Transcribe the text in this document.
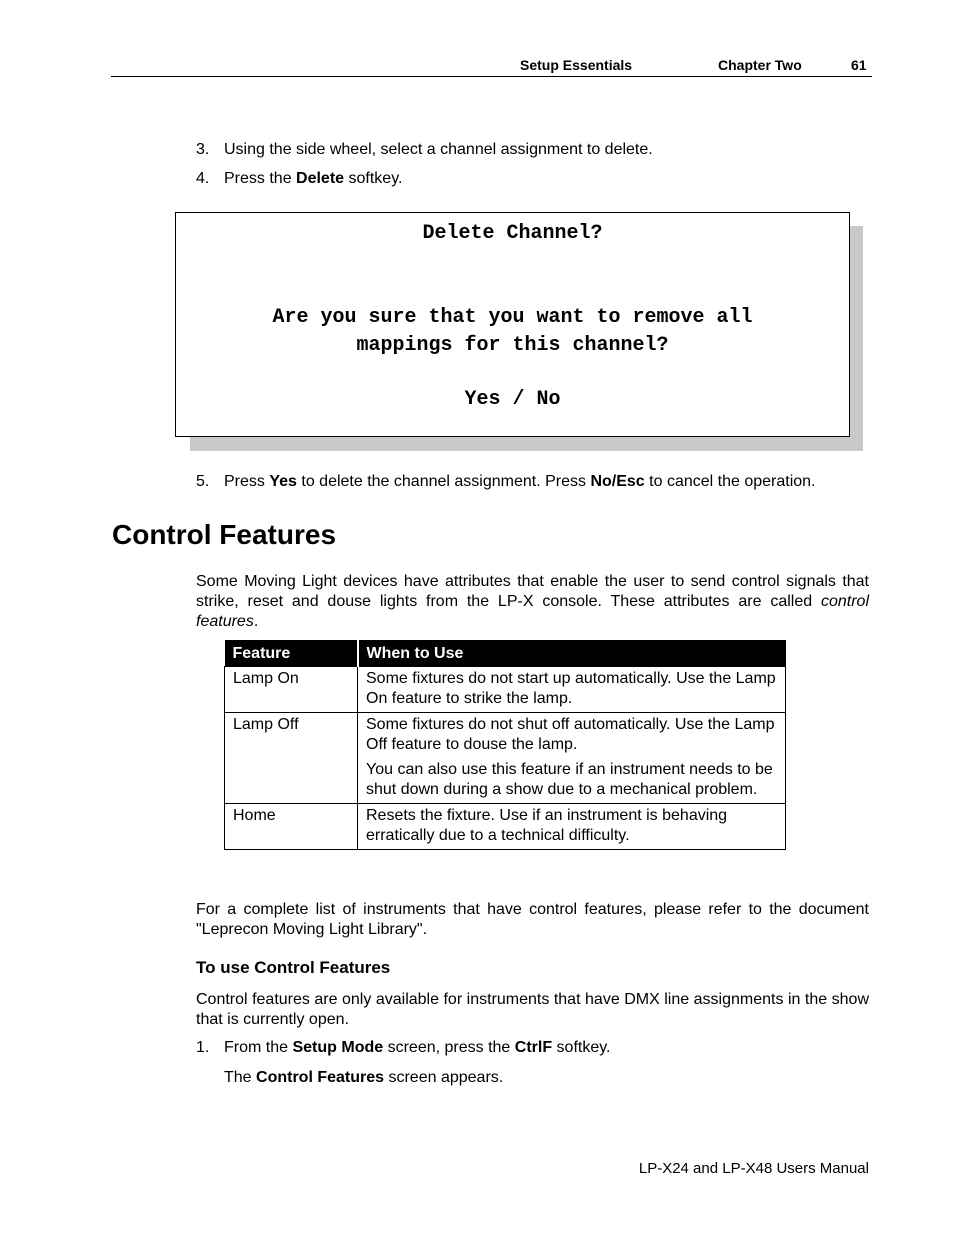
Setup Essentials	Chapter Two	61
3. Using the side wheel, select a channel assignment to delete.
4. Press the Delete softkey.
Delete Channel?
Are you sure that you want to remove all
mappings for this channel?
Yes / No
5. Press Yes to delete the channel assignment. Press No/Esc to cancel the operation.
Control Features
Some Moving Light devices have attributes that enable the user to send control signals that strike, reset and douse lights from the LP-X console. These attributes are called control features.
Feature	When to Use
Lamp On	Some fixtures do not start up automatically. Use the Lamp On feature to strike the lamp.

Lamp Off	Some fixtures do not shut off automatically. Use the Lamp Off feature to douse the lamp.

You can also use this feature if an instrument needs to be shut down during a show due to a mechanical problem.

Home	Resets the fixture. Use if an instrument is behaving erratically due to a technical difficulty.

For a complete list of instruments that have control features, please refer to the document "Leprecon Moving Light Library".
To use Control Features
Control features are only available for instruments that have DMX line assignments in the show that is currently open.
1. From the Setup Mode screen, press the CtrlF softkey.
The Control Features screen appears.
LP-X24 and LP-X48 Users Manual
